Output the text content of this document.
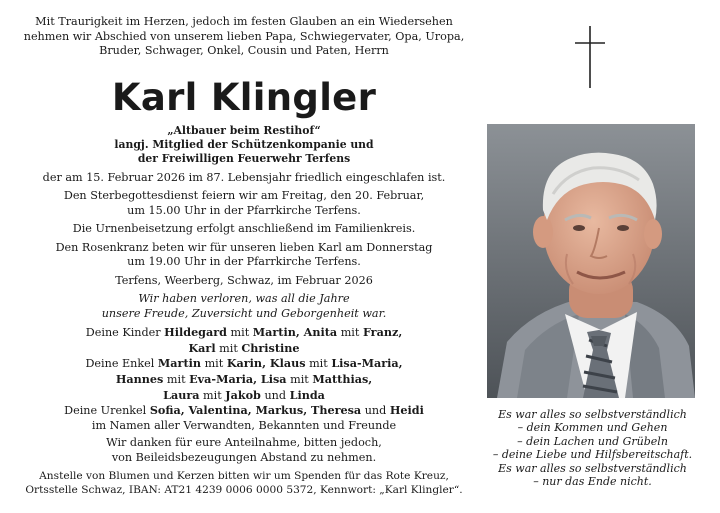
Mit Traurigkeit im Herzen, jedoch im festen Glauben an ein Wiedersehen
nehmen wir Abschied von unserem lieben Papa, Schwiegervater, Opa, Uropa,
Bruder, Schwager, Onkel, Cousin und Paten, Herrn
Karl Klingler
„Altbauer beim Restihof“
langj. Mitglied der Schützenkompanie und
der Freiwilligen Feuerwehr Terfens

der am 15. Februar 2026 im 87. Lebensjahr friedlich eingeschlafen ist.

Den Sterbegottesdienst feiern wir am Freitag, den 20. Februar,
um 15.00 Uhr in der Pfarrkirche Terfens.

Die Urnenbeisetzung erfolgt anschließend im Familienkreis.

Den Rosenkranz beten wir für unseren lieben Karl am Donnerstag
um 19.00 Uhr in der Pfarrkirche Terfens.

Terfens, Weerberg, Schwaz, im Februar 2026

Wir haben verloren, was all die Jahre
unsere Freude, Zuversicht und Geborgenheit war.

Deine Kinder Hildegard mit Martin, Anita mit Franz,
Karl mit Christine
Deine Enkel Martin mit Karin, Klaus mit Lisa-Maria,
Hannes mit Eva-Maria, Lisa mit Matthias,
Laura mit Jakob und Linda
Deine Urenkel Sofia, Valentina, Markus, Theresa und Heidi
im Namen aller Verwandten, Bekannten und Freunde

Wir danken für eure Anteilnahme, bitten jedoch,
von Beileidsbezeugungen Abstand zu nehmen.

Anstelle von Blumen und Kerzen bitten wir um Spenden für das Rote Kreuz,
Ortsstelle Schwaz, IBAN: AT21 4239 0006 0000 5372, Kennwort: „Karl Klingler“.

Es war alles so selbstverständlich
– dein Kommen und Gehen
– dein Lachen und Grübeln
– deine Liebe und Hilfsbereitschaft.
Es war alles so selbstverständlich
– nur das Ende nicht.
